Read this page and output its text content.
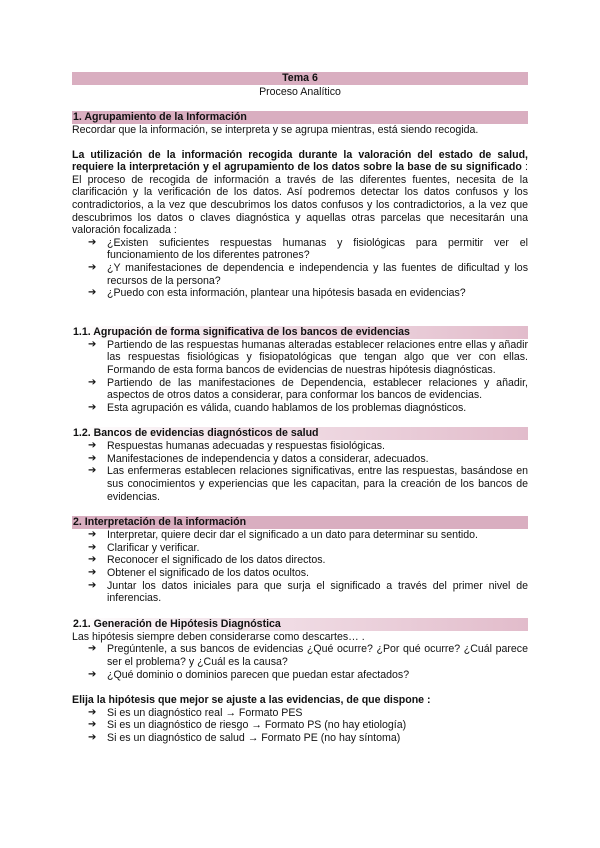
Tema 6
Proceso Analítico
1. Agrupamiento de la Información

Recordar que la información, se interpreta y se agrupa mientras, está siendo recogida.

La utilización de la información recogida durante la valoración del estado de salud, requiere la interpretación y el agrupamiento de los datos sobre la base de su significado : El proceso de recogida de información a través de las diferentes fuentes, necesita de la clarificación y la verificación de los datos. Así podremos detectar los datos confusos y los contradictorios, a la vez que descubrimos los datos confusos y los contradictorios, a la vez que descubrimos los datos o claves diagnóstica y aquellas otras parcelas que necesitarán una valoración focalizada :

➔ ¿Existen suficientes respuestas humanas y fisiológicas para permitir ver el funcionamiento de los diferentes patrones?
➔ ¿Y manifestaciones de dependencia e independencia y las fuentes de dificultad y los recursos de la persona?
➔ ¿Puedo con esta información, plantear una hipótesis basada en evidencias?
1.1. Agrupación de forma significativa de los bancos de evidencias
➔ Partiendo de las respuestas humanas alteradas establecer relaciones entre ellas y añadir las respuestas fisiológicas y fisiopatológicas que tengan algo que ver con ellas. Formando de esta forma bancos de evidencias de nuestras hipótesis diagnósticas.
➔ Partiendo de las manifestaciones de Dependencia, establecer relaciones y añadir, aspectos de otros datos a considerar, para conformar los bancos de evidencias.
➔ Esta agrupación es válida, cuando hablamos de los problemas diagnósticos.
1.2. Bancos de evidencias diagnósticos de salud
➔ Respuestas humanas adecuadas y respuestas fisiológicas.
➔ Manifestaciones de independencia y datos a considerar, adecuados.
➔ Las enfermeras establecen relaciones significativas, entre las respuestas, basándose en sus conocimientos y experiencias que les capacitan, para la creación de los bancos de evidencias.
2. Interpretación de la información
➔ Interpretar, quiere decir dar el significado a un dato para determinar su sentido.
➔ Clarificar y verificar.
➔ Reconocer el significado de los datos directos.
➔ Obtener el significado de los datos ocultos.
➔ Juntar los datos iniciales para que surja el significado a través del primer nivel de inferencias.
2.1. Generación de Hipótesis Diagnóstica

Las hipótesis siempre deben considerarse como descartes… .

➔ Pregúntenle, a sus bancos de evidencias ¿Qué ocurre? ¿Por qué ocurre? ¿Cuál parece ser el problema? y ¿Cuál es la causa?
➔ ¿Qué dominio o dominios parecen que puedan estar afectados?

Elija la hipótesis que mejor se ajuste a las evidencias, de que dispone :

➔ Si es un diagnóstico real → Formato PES
➔ Si es un diagnóstico de riesgo → Formato PS (no hay etiología)
➔ Si es un diagnóstico de salud → Formato PE (no hay síntoma)
